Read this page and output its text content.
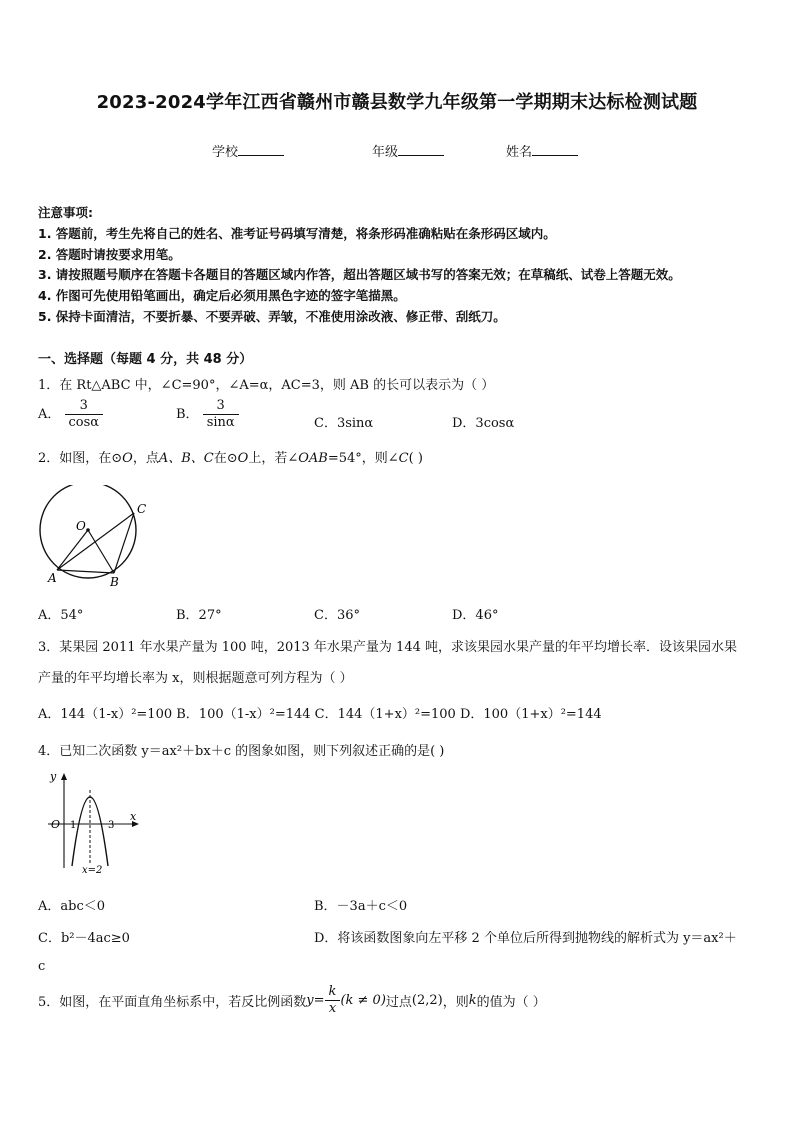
2023-2024学年江西省赣州市赣县数学九年级第一学期期末达标检测试题
学校	年级	姓名
注意事项:
1. 答题前，考生先将自己的姓名、准考证号码填写清楚，将条形码准确粘贴在条形码区域内。
2. 答题时请按要求用笔。
3. 请按照题号顺序在答题卡各题目的答题区域内作答，超出答题区域书写的答案无效；在草稿纸、试卷上答题无效。
4. 作图可先使用铅笔画出，确定后必须用黑色字迹的签字笔描黑。
5. 保持卡面清洁，不要折暴、不要弄破、弄皱，不准使用涂改液、修正带、刮纸刀。
一、选择题（每题 4 分，共 48 分）
1．在 Rt△ABC 中，∠C=90°，∠A=α，AC=3，则 AB 的长可以表示为（ ）
A． $\frac{3}{\cos\alpha}$	B． $\frac{3}{\sin\alpha}$	C．3sinα	D．3cosα
2．如图，在⊙O，点A、B、C在⊙O上，若∠OAB=54°，则∠C( )
O
A	B
C
A．54°	B．27°	C．36°	D．46°
3．某果园 2011 年水果产量为 100 吨，2013 年水果产量为 144 吨，求该果园水果产量的年平均增长率．设该果园水果
产量的年平均增长率为 x，则根据题意可列方程为（ ）
A．144（1-x）²=100 B．100（1-x）²=144 C．144（1+x）²=100 D．100（1+x）²=144
4．已知二次函数 y＝ax²＋bx＋c 的图象如图，则下列叙述正确的是( )
y
x
O 1	3
x=2
A．abc＜0	B．－3a＋c＜0
C．b²－4ac≥0	D．将该函数图象向左平移 2 个单位后所得到抛物线的解析式为 y＝ax²＋
c
5．如图，在平面直角坐标系中，若反比例函数$y= \frac{k}{x} (k \ne 0)$过点(2,2)，则k的值为（ ）
